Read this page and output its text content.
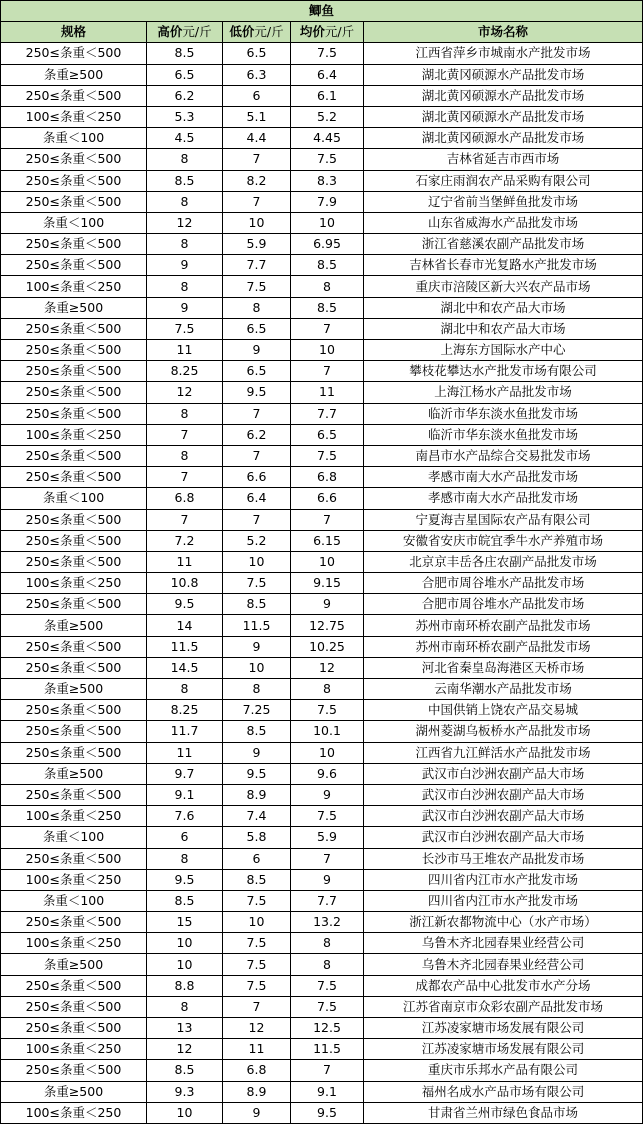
鲫鱼				
规格	高价元/斤	低价元/斤	均价元/斤	市场名称
250≤条重＜500	8.5	6.5	7.5	江西省萍乡市城南水产批发市场
条重≥500	6.5	6.3	6.4	湖北黄冈硕源水产品批发市场
250≤条重＜500	6.2	6	6.1	湖北黄冈硕源水产品批发市场
100≤条重＜250	5.3	5.1	5.2	湖北黄冈硕源水产品批发市场
条重＜100	4.5	4.4	4.45	湖北黄冈硕源水产品批发市场
250≤条重＜500	8	7	7.5	吉林省延吉市西市场
250≤条重＜500	8.5	8.2	8.3	石家庄雨润农产品采购有限公司
250≤条重＜500	8	7	7.9	辽宁省前当堡鲜鱼批发市场
条重＜100	12	10	10	山东省威海水产品批发市场
250≤条重＜500	8	5.9	6.95	浙江省慈溪农副产品批发市场
250≤条重＜500	9	7.7	8.5	吉林省长春市光复路水产批发市场
100≤条重＜250	8	7.5	8	重庆市涪陵区新大兴农产品市场
条重≥500	9	8	8.5	湖北中和农产品大市场
250≤条重＜500	7.5	6.5	7	湖北中和农产品大市场
250≤条重＜500	11	9	10	上海东方国际水产中心
250≤条重＜500	8.25	6.5	7	攀枝花攀达水产批发市场有限公司
250≤条重＜500	12	9.5	11	上海江杨水产品批发市场
250≤条重＜500	8	7	7.7	临沂市华东淡水鱼批发市场
100≤条重＜250	7	6.2	6.5	临沂市华东淡水鱼批发市场
250≤条重＜500	8	7	7.5	南昌市水产品综合交易批发市场
250≤条重＜500	7	6.6	6.8	孝感市南大水产品批发市场
条重＜100	6.8	6.4	6.6	孝感市南大水产品批发市场
250≤条重＜500	7	7	7	宁夏海吉星国际农产品有限公司
250≤条重＜500	7.2	5.2	6.15	安徽省安庆市皖宜季牛水产养殖市场
250≤条重＜500	11	10	10	北京京丰岳各庄农副产品批发市场
100≤条重＜250	10.8	7.5	9.15	合肥市周谷堆水产品批发市场
250≤条重＜500	9.5	8.5	9	合肥市周谷堆水产品批发市场
条重≥500	14	11.5	12.75	苏州市南环桥农副产品批发市场
250≤条重＜500	11.5	9	10.25	苏州市南环桥农副产品批发市场
250≤条重＜500	14.5	10	12	河北省秦皇岛海港区天桥市场
条重≥500	8	8	8	云南华潮水产品批发市场
250≤条重＜500	8.25	7.25	7.5	中国供销上饶农产品交易城
250≤条重＜500	11.7	8.5	10.1	湖州菱湖乌板桥水产品批发市场
250≤条重＜500	11	9	10	江西省九江鲜活水产品批发市场
条重≥500	9.7	9.5	9.6	武汉市白沙洲农副产品大市场
250≤条重＜500	9.1	8.9	9	武汉市白沙洲农副产品大市场
100≤条重＜250	7.6	7.4	7.5	武汉市白沙洲农副产品大市场
条重＜100	6	5.8	5.9	武汉市白沙洲农副产品大市场
250≤条重＜500	8	6	7	长沙市马王堆农产品批发市场
100≤条重＜250	9.5	8.5	9	四川省内江市水产批发市场
条重＜100	8.5	7.5	7.7	四川省内江市水产批发市场
250≤条重＜500	15	10	13.2	浙江新农都物流中心（水产市场）
100≤条重＜250	10	7.5	8	乌鲁木齐北园春果业经营公司
条重≥500	10	7.5	8	乌鲁木齐北园春果业经营公司
250≤条重＜500	8.8	7.5	7.5	成都农产品中心批发市水产分场
250≤条重＜500	8	7	7.5	江苏省南京市众彩农副产品批发市场
250≤条重＜500	13	12	12.5	江苏凌家塘市场发展有限公司
100≤条重＜250	12	11	11.5	江苏凌家塘市场发展有限公司
250≤条重＜500	8.5	6.8	7	重庆市乐邦水产品有限公司
条重≥500	9.3	8.9	9.1	福州名成水产品市场有限公司
100≤条重＜250	10	9	9.5	甘肃省兰州市绿色食品市场
